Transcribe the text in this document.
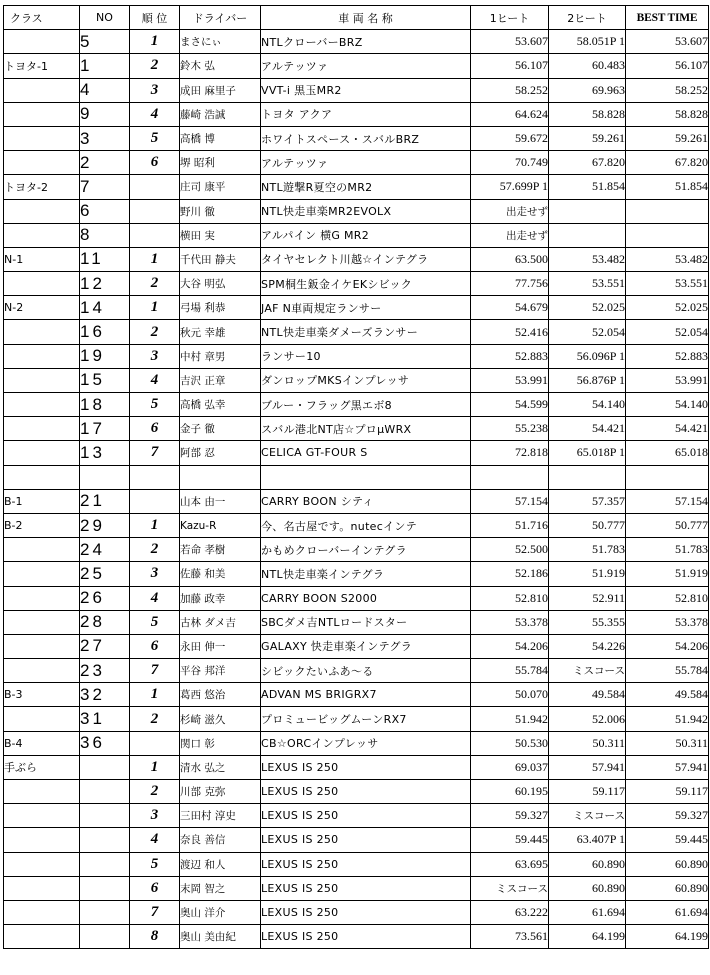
クラス	NO	順 位	ドライバー	車 両 名 称	1ヒート	2ヒート	BEST TIME
	5	1	まさにぃ	NTLクローバーBRZ	53.607	58.051P 1	53.607
トヨタ-1	1	2	鈴木 弘	アルテッツァ	56.107	60.483	56.107
	4	3	成田 麻里子	VVT-i 黒玉MR2	58.252	69.963	58.252
	9	4	藤崎 浩誠	トヨタ アクア	64.624	58.828	58.828
	3	5	高橋 博	ホワイトスペース・スバルBRZ	59.672	59.261	59.261
	2	6	堺 昭利	アルテッツァ	70.749	67.820	67.820
トヨタ-2	7		庄司 康平	NTL遊撃R夏空のMR2	57.699P 1	51.854	51.854
	6		野川 徹	NTL快走車楽MR2EVOLX	出走せず		
	8		横田 実	アルパイン 横G MR2	出走せず		
N-1	11	1	千代田 静夫	タイヤセレクト川越☆インテグラ	63.500	53.482	53.482
	12	2	大谷 明弘	SPM桐生鈑金イケEKシビック	77.756	53.551	53.551
N-2	14	1	弓場 利恭	JAF N車両規定ランサー	54.679	52.025	52.025
	16	2	秋元 幸雄	NTL快走車楽ダメーズランサー	52.416	52.054	52.054
	19	3	中村 章男	ランサー10	52.883	56.096P 1	52.883
	15	4	吉沢 正章	ダンロップMKSインプレッサ	53.991	56.876P 1	53.991
	18	5	高橋 弘幸	ブルー・フラッグ黒エボ8	54.599	54.140	54.140
	17	6	金子 徹	スバル港北NT店☆プロμWRX	55.238	54.421	54.421
	13	7	阿部 忍	CELICA GT-FOUR S	72.818	65.018P 1	65.018

B-1	21		山本 由一	CARRY BOON シティ	57.154	57.357	57.154
B-2	29	1	Kazu-R	今、名古屋です。nutecインテ	51.716	50.777	50.777
	24	2	若命 孝樹	かもめクローバーインテグラ	52.500	51.783	51.783
	25	3	佐藤 和美	NTL快走車楽インテグラ	52.186	51.919	51.919
	26	4	加藤 政幸	CARRY BOON S2000	52.810	52.911	52.810
	28	5	古林 ダメ吉	SBCダメ吉NTLロードスター	53.378	55.355	53.378
	27	6	永田 伸一	GALAXY 快走車楽インテグラ	54.206	54.226	54.206
	23	7	平谷 邦洋	シビックたいふあ～る	55.784	ミスコース	55.784
B-3	32	1	葛西 悠治	ADVAN MS BRIGRX7	50.070	49.584	49.584
	31	2	杉崎 滋久	プロミュービッグムーンRX7	51.942	52.006	51.942
B-4	36		関口 彰	CB☆ORCインプレッサ	50.530	50.311	50.311
手ぶら		1	清水 弘之	LEXUS IS 250	69.037	57.941	57.941
		2	川部 克弥	LEXUS IS 250	60.195	59.117	59.117
		3	三田村 淳史	LEXUS IS 250	59.327	ミスコース	59.327
		4	奈良 善信	LEXUS IS 250	59.445	63.407P 1	59.445
		5	渡辺 和人	LEXUS IS 250	63.695	60.890	60.890
		6	末岡 智之	LEXUS IS 250	ミスコース	60.890	60.890
		7	奥山 洋介	LEXUS IS 250	63.222	61.694	61.694
		8	奥山 美由紀	LEXUS IS 250	73.561	64.199	64.199
